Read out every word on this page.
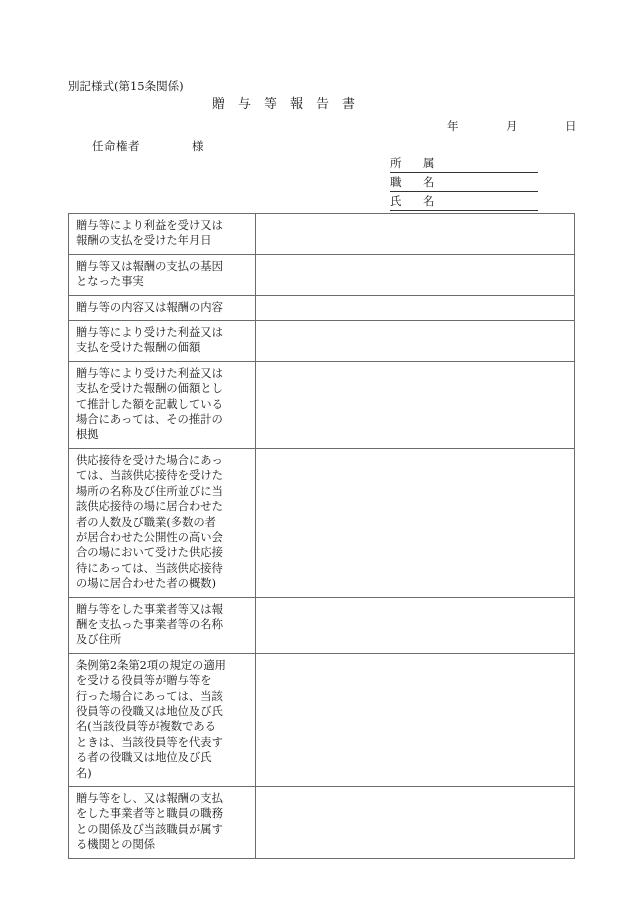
別記様式(第15条関係)
贈与等報告書
年　月　日
任命権者	様
所　属
職　名
氏　名
贈与等により利益を受け又は
報酬の支払を受けた年月日	

贈与等又は報酬の支払の基因
となった事実	

贈与等の内容又は報酬の内容	

贈与等により受けた利益又は
支払を受けた報酬の価額	

贈与等により受けた利益又は
支払を受けた報酬の価額とし
て推計した額を記載している
場合にあっては、その推計の
根拠	

供応接待を受けた場合にあっ
ては、当該供応接待を受けた
場所の名称及び住所並びに当
該供応接待の場に居合わせた
者の人数及び職業(多数の者
が居合わせた公開性の高い会
合の場において受けた供応接
待にあっては、当該供応接待
の場に居合わせた者の概数)

贈与等をした事業者等又は報
酬を支払った事業者等の名称
及び住所	

条例第2条第2項の規定の適用
を受ける役員等が贈与等を
行った場合にあっては、当該
役員等の役職又は地位及び氏
名(当該役員等が複数である
ときは、当該役員等を代表す
る者の役職又は地位及び氏
名)

贈与等をし、又は報酬の支払
をした事業者等と職員の職務
との関係及び当該職員が属す
る機関との関係	
